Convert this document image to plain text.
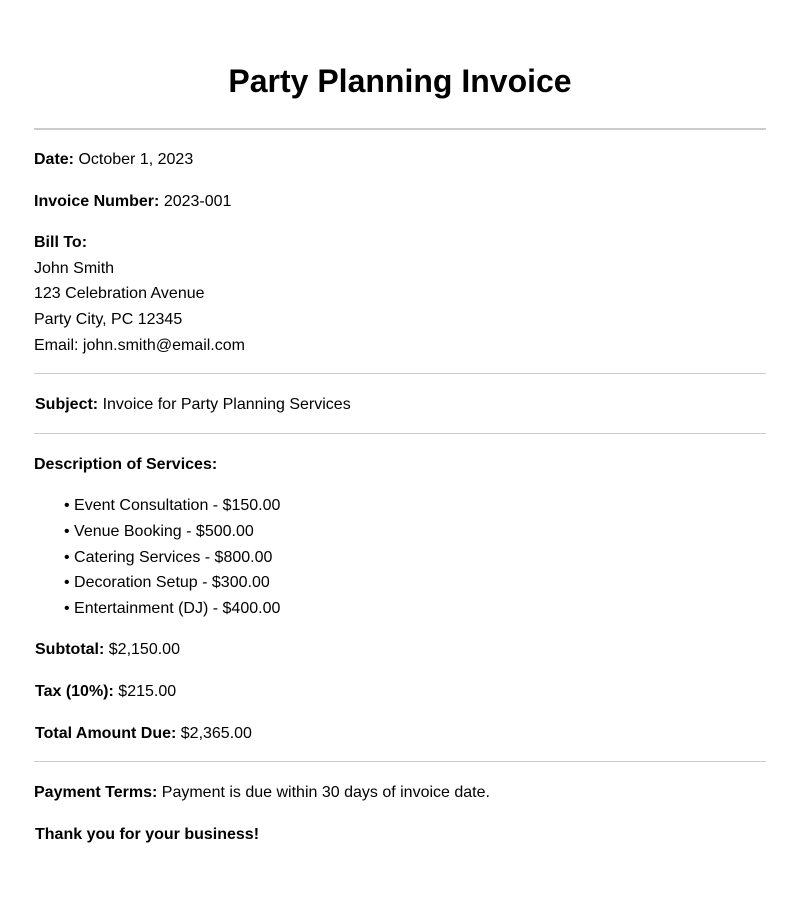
Party Planning Invoice
Date: October 1, 2023
Invoice Number: 2023-001
Bill To:
John Smith
123 Celebration Avenue
Party City, PC 12345
Email: john.smith@email.com
Subject: Invoice for Party Planning Services
Description of Services:
• Event Consultation - $150.00
• Venue Booking - $500.00
• Catering Services - $800.00
• Decoration Setup - $300.00
• Entertainment (DJ) - $400.00
Subtotal: $2,150.00
Tax (10%): $215.00
Total Amount Due: $2,365.00
Payment Terms: Payment is due within 30 days of invoice date.
Thank you for your business!
